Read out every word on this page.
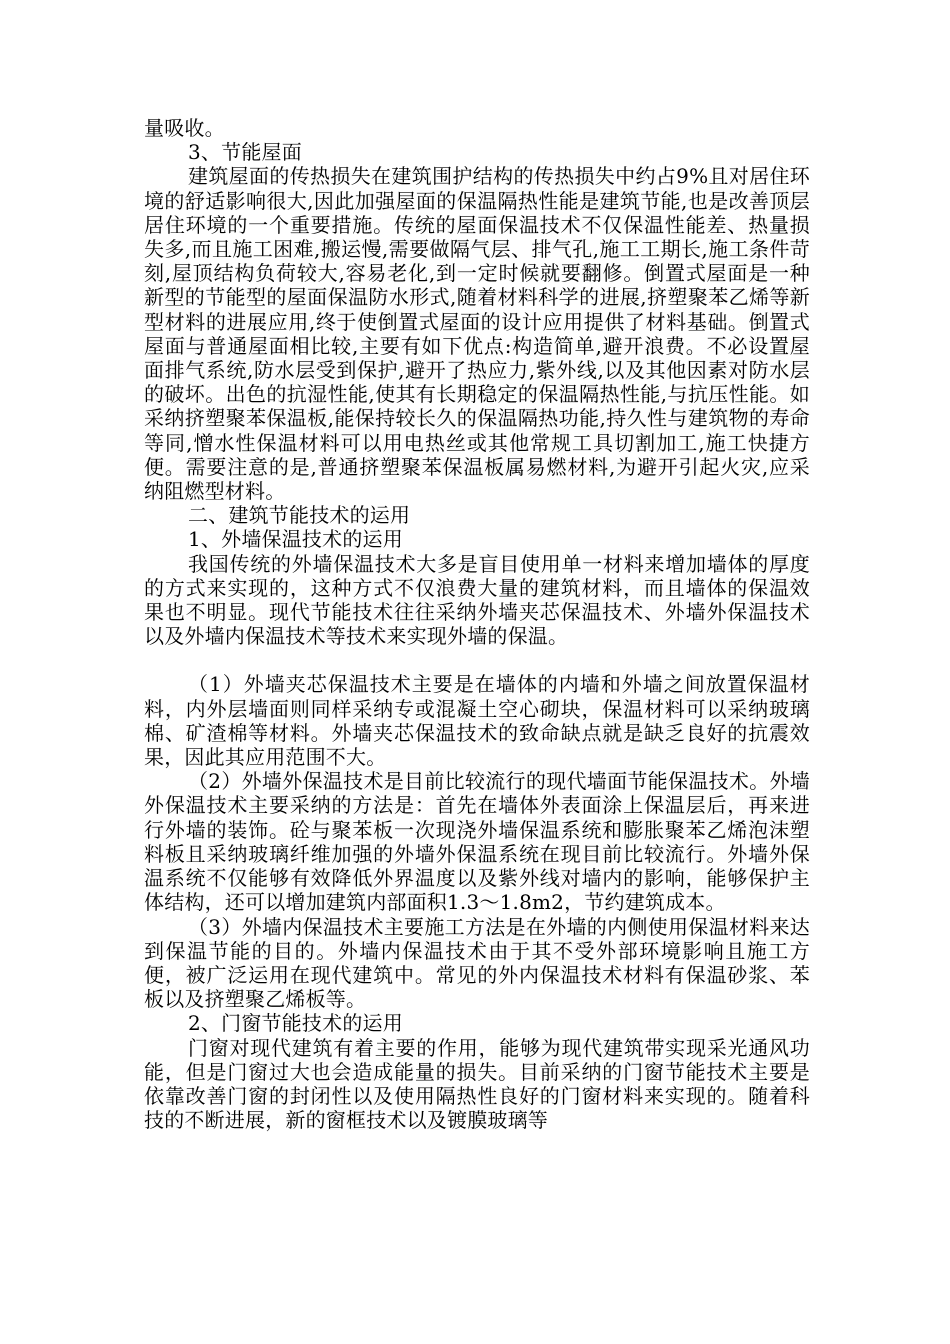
量吸收。

3、节能屋面

建筑屋面的传热损失在建筑围护结构的传热损失中约占9%且对居住环境的舒适影响很大,因此加强屋面的保温隔热性能是建筑节能,也是改善顶层居住环境的一个重要措施。传统的屋面保温技术不仅保温性能差、热量损失多,而且施工困难,搬运慢,需要做隔气层、排气孔,施工工期长,施工条件苛刻,屋顶结构负荷较大,容易老化,到一定时候就要翻修。倒置式屋面是一种新型的节能型的屋面保温防水形式,随着材料科学的进展,挤塑聚苯乙烯等新型材料的进展应用,终于使倒置式屋面的设计应用提供了材料基础。倒置式屋面与普通屋面相比较,主要有如下优点:构造简单,避开浪费。不必设置屋面排气系统,防水层受到保护,避开了热应力,紫外线,以及其他因素对防水层的破坏。出色的抗湿性能,使其有长期稳定的保温隔热性能,与抗压性能。如采纳挤塑聚苯保温板,能保持较长久的保温隔热功能,持久性与建筑物的寿命等同,憎水性保温材料可以用电热丝或其他常规工具切割加工,施工快捷方便。需要注意的是,普通挤塑聚苯保温板属易燃材料,为避开引起火灾,应采纳阻燃型材料。

二、建筑节能技术的运用

1、外墙保温技术的运用

我国传统的外墙保温技术大多是盲目使用单一材料来增加墙体的厚度的方式来实现的，这种方式不仅浪费大量的建筑材料，而且墙体的保温效果也不明显。现代节能技术往往采纳外墙夹芯保温技术、外墙外保温技术以及外墙内保温技术等技术来实现外墙的保温。

（1）外墙夹芯保温技术主要是在墙体的内墙和外墙之间放置保温材料，内外层墙面则同样采纳专或混凝土空心砌块，保温材料可以采纳玻璃棉、矿渣棉等材料。外墙夹芯保温技术的致命缺点就是缺乏良好的抗震效果，因此其应用范围不大。

（2）外墙外保温技术是目前比较流行的现代墙面节能保温技术。外墙外保温技术主要采纳的方法是：首先在墙体外表面涂上保温层后，再来进行外墙的装饰。砼与聚苯板一次现浇外墙保温系统和膨胀聚苯乙烯泡沫塑料板且采纳玻璃纤维加强的外墙外保温系统在现目前比较流行。外墙外保温系统不仅能够有效降低外界温度以及紫外线对墙内的影响，能够保护主体结构，还可以增加建筑内部面积1.3～1.8m2，节约建筑成本。

（3）外墙内保温技术主要施工方法是在外墙的内侧使用保温材料来达到保温节能的目的。外墙内保温技术由于其不受外部环境影响且施工方便，被广泛运用在现代建筑中。常见的外内保温技术材料有保温砂浆、苯板以及挤塑聚乙烯板等。

2、门窗节能技术的运用

门窗对现代建筑有着主要的作用，能够为现代建筑带实现采光通风功能，但是门窗过大也会造成能量的损失。目前采纳的门窗节能技术主要是依靠改善门窗的封闭性以及使用隔热性良好的门窗材料来实现的。随着科技的不断进展，新的窗框技术以及镀膜玻璃等
